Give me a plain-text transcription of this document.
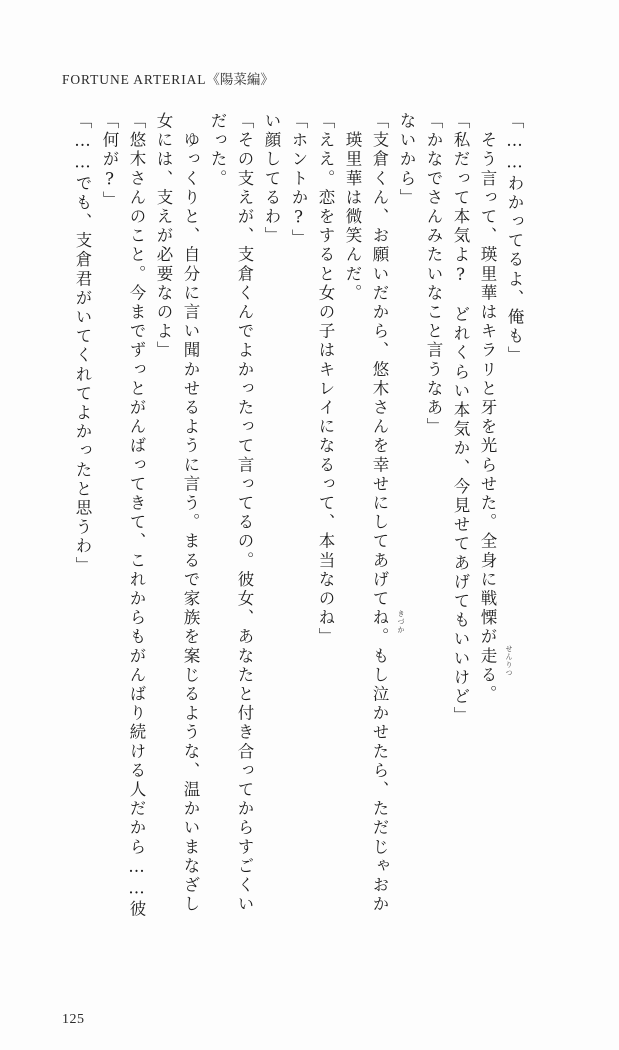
FORTUNE ARTERIAL《陽菜編》
「……でも、支倉君がいてくれてよかったと思うわ」 「何が?」 「悠木さんのこと。今までずっとがんばってきて、これからもがんばり続ける人だから……彼 女には、支えが必要なのよ」 　ゆっくりと、自分に言い聞かせるように言う。まるで家族を案じるような、温かいまなざし だった。 「その支えが、支倉くんでよかったって言ってるの。彼女、あなたと付き合ってからすごくい い顔してるわ」 「ホントか?」 「ええ。恋をすると女の子はキレイになるって、本当なのね」 　瑛里華は微笑んだ。 「支倉くん、お願いだから、悠木さんを幸せにしてあげてね。もし泣かせたら、ただじゃおか ないから」 「かなでさんみたいなこと言うなあ」 「私だって本気よ?　どれくらい本気か、今見せてあげてもいいけど」 　そう言って、瑛里華はキラリと牙を光らせた。全身に戦慄が走る。 「……わかってるよ、俺も」
きづか
せんりつ
125
